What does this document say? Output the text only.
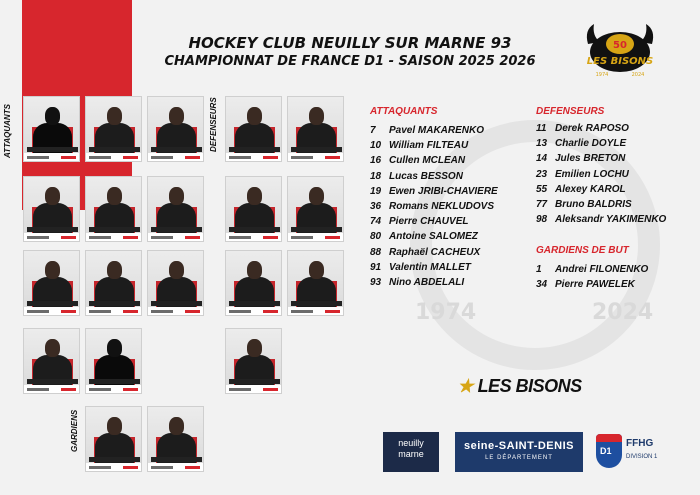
1974	2024
HOCKEY CLUB NEUILLY SUR MARNE 93
CHAMPIONNAT DE FRANCE D1 - SAISON 2025 2026
50
LES BISONS
1974	2024
ATTAQUANTS	DEFENSEURS
GARDIENS
ATTAQUANTS
7 Pavel MAKARENKO
10 William FILTEAU
16 Cullen MCLEAN
18 Lucas BESSON
19 Ewen JRIBI-CHAVIERE
36 Romans NEKLUDOVS
74 Pierre CHAUVEL
80 Antoine SALOMEZ
88 Raphaël CACHEUX
91 Valentin MALLET
93 Nino ABDELALI
DEFENSEURS
11 Derek RAPOSO
13 Charlie DOYLE
14 Jules BRETON
23 Emilien LOCHU
55 Alexey KAROL
77 Bruno BALDRIS
98 Aleksandr YAKIMENKO
GARDIENS DE BUT
1 Andrei FILONENKO
34 Pierre PAWELEK
★ LES BISONS
neuilly
marne
seine-SAINT-DENIS
LE DÉPARTEMENT
D1
FFHG
DIVISION 1
